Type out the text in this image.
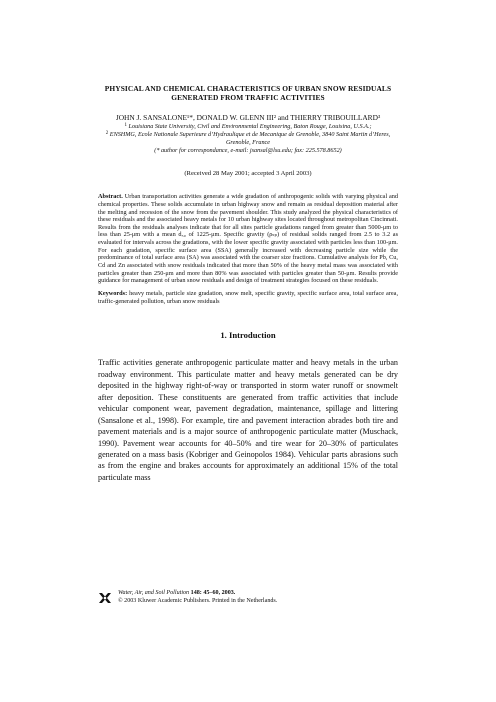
PHYSICAL AND CHEMICAL CHARACTERISTICS OF URBAN SNOW RESIDUALS GENERATED FROM TRAFFIC ACTIVITIES
JOHN J. SANSALONE¹*, DONALD W. GLENN III² and THIERRY TRIBOUILLARD³
$^1$ Louisiana State University, Civil and Environmental Engineering, Baton Rouge, Louisina, U.S.A.;
$^2$ ENSHMG, Ecole Nationale Superieure d’Hydraulique et de Mecanique de Grenoble, 3840 Saint Martin d’Heres, Grenoble, France
(* author for correspondance, e-mail: jsansal@lsu.edu; fax: 225.578.8652)
(Received 28 May 2001; accepted 3 April 2003)
Abstract. Urban transportation activities generate a wide gradation of anthropogenic solids with varying physical and chemical properties. These solids accumulate in urban highway snow and remain as residual deposition material after the melting and recession of the snow from the pavement shoulder. This study analyzed the physical characteristics of these residuals and the associated heavy metals for 10 urban highway sites located throughout metropolitan Cincinnati. Results from the residuals analyses indicate that for all sites particle gradations ranged from greater than 5000-μm to less than 25-μm with a mean d₅₀ of 1225-μm. Specific gravity (ρₛₚ) of residual solids ranged from 2.5 to 3.2 as evaluated for intervals across the gradations, with the lower specific gravity associated with particles less than 100-μm. For each gradation, specific surface area (SSA) generally increased with decreasing particle size while the predominance of total surface area (SA) was associated with the coarser size fractions. Cumulative analysis for Pb, Cu, Cd and Zn associated with snow residuals indicated that more than 50% of the heavy metal mass was associated with particles greater than 250-μm and more than 80% was associated with particles greater than 50-μm. Results provide guidance for management of urban snow residuals and design of treatment strategies focused on these residuals.
Keywords: heavy metals, particle size gradation, snow melt, specific gravity, specific surface area, total surface area, traffic-generated pollution, urban snow residuals
1. Introduction
Traffic activities generate anthropogenic particulate matter and heavy metals in the urban roadway environment. This particulate matter and heavy metals generated can be dry deposited in the highway right-of-way or transported in storm water runoff or snowmelt after deposition. These constituents are generated from traffic activities that include vehicular component wear, pavement degradation, maintenance, spillage and littering (Sansalone et al., 1998). For example, tire and pavement interaction abrades both tire and pavement materials and is a major source of anthropogenic particulate matter (Muschack, 1990). Pavement wear accounts for 40–50% and tire wear for 20–30% of particulates generated on a mass basis (Kobriger and Geinopolos 1984). Vehicular parts abrasions such as from the engine and brakes accounts for approximately an additional 15% of the total particulate mass
Water, Air, and Soil Pollution 148: 45–60, 2003.
© 2003 Kluwer Academic Publishers. Printed in the Netherlands.
